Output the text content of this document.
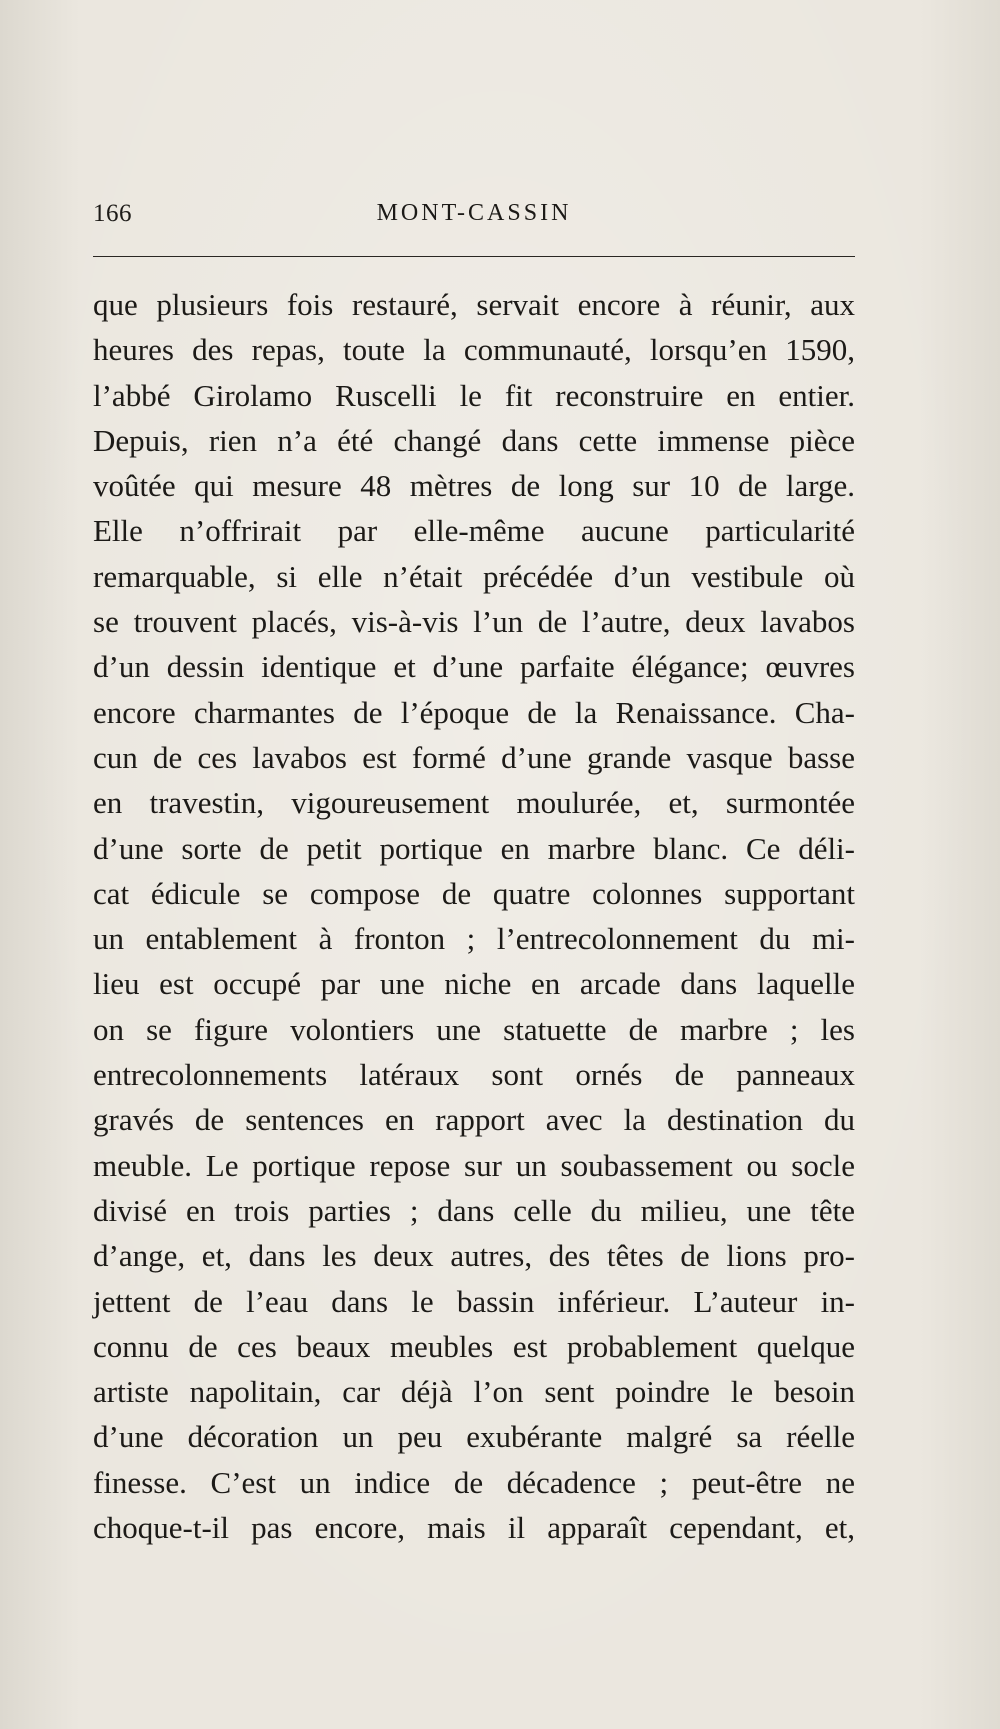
166	MONT-CASSIN
que plusieurs fois restauré, servait encore à réunir, aux
heures des repas, toute la communauté, lorsqu’en 1590,
l’abbé Girolamo Ruscelli le fit reconstruire en entier.
Depuis, rien n’a été changé dans cette immense pièce
voûtée qui mesure 48 mètres de long sur 10 de large.
Elle n’offrirait par elle-même aucune particularité
remarquable, si elle n’était précédée d’un vestibule où
se trouvent placés, vis-à-vis l’un de l’autre, deux lavabos
d’un dessin identique et d’une parfaite élégance; œuvres
encore charmantes de l’époque de la Renaissance. Cha-
cun de ces lavabos est formé d’une grande vasque basse
en travestin, vigoureusement moulurée, et, surmontée
d’une sorte de petit portique en marbre blanc. Ce déli-
cat édicule se compose de quatre colonnes supportant
un entablement à fronton ; l’entrecolonnement du mi-
lieu est occupé par une niche en arcade dans laquelle
on se figure volontiers une statuette de marbre ; les
entrecolonnements latéraux sont ornés de panneaux
gravés de sentences en rapport avec la destination du
meuble. Le portique repose sur un soubassement ou socle
divisé en trois parties ; dans celle du milieu, une tête
d’ange, et, dans les deux autres, des têtes de lions pro-
jettent de l’eau dans le bassin inférieur. L’auteur in-
connu de ces beaux meubles est probablement quelque
artiste napolitain, car déjà l’on sent poindre le besoin
d’une décoration un peu exubérante malgré sa réelle
finesse. C’est un indice de décadence ; peut-être ne
choque-t-il pas encore, mais il apparaît cependant, et,
